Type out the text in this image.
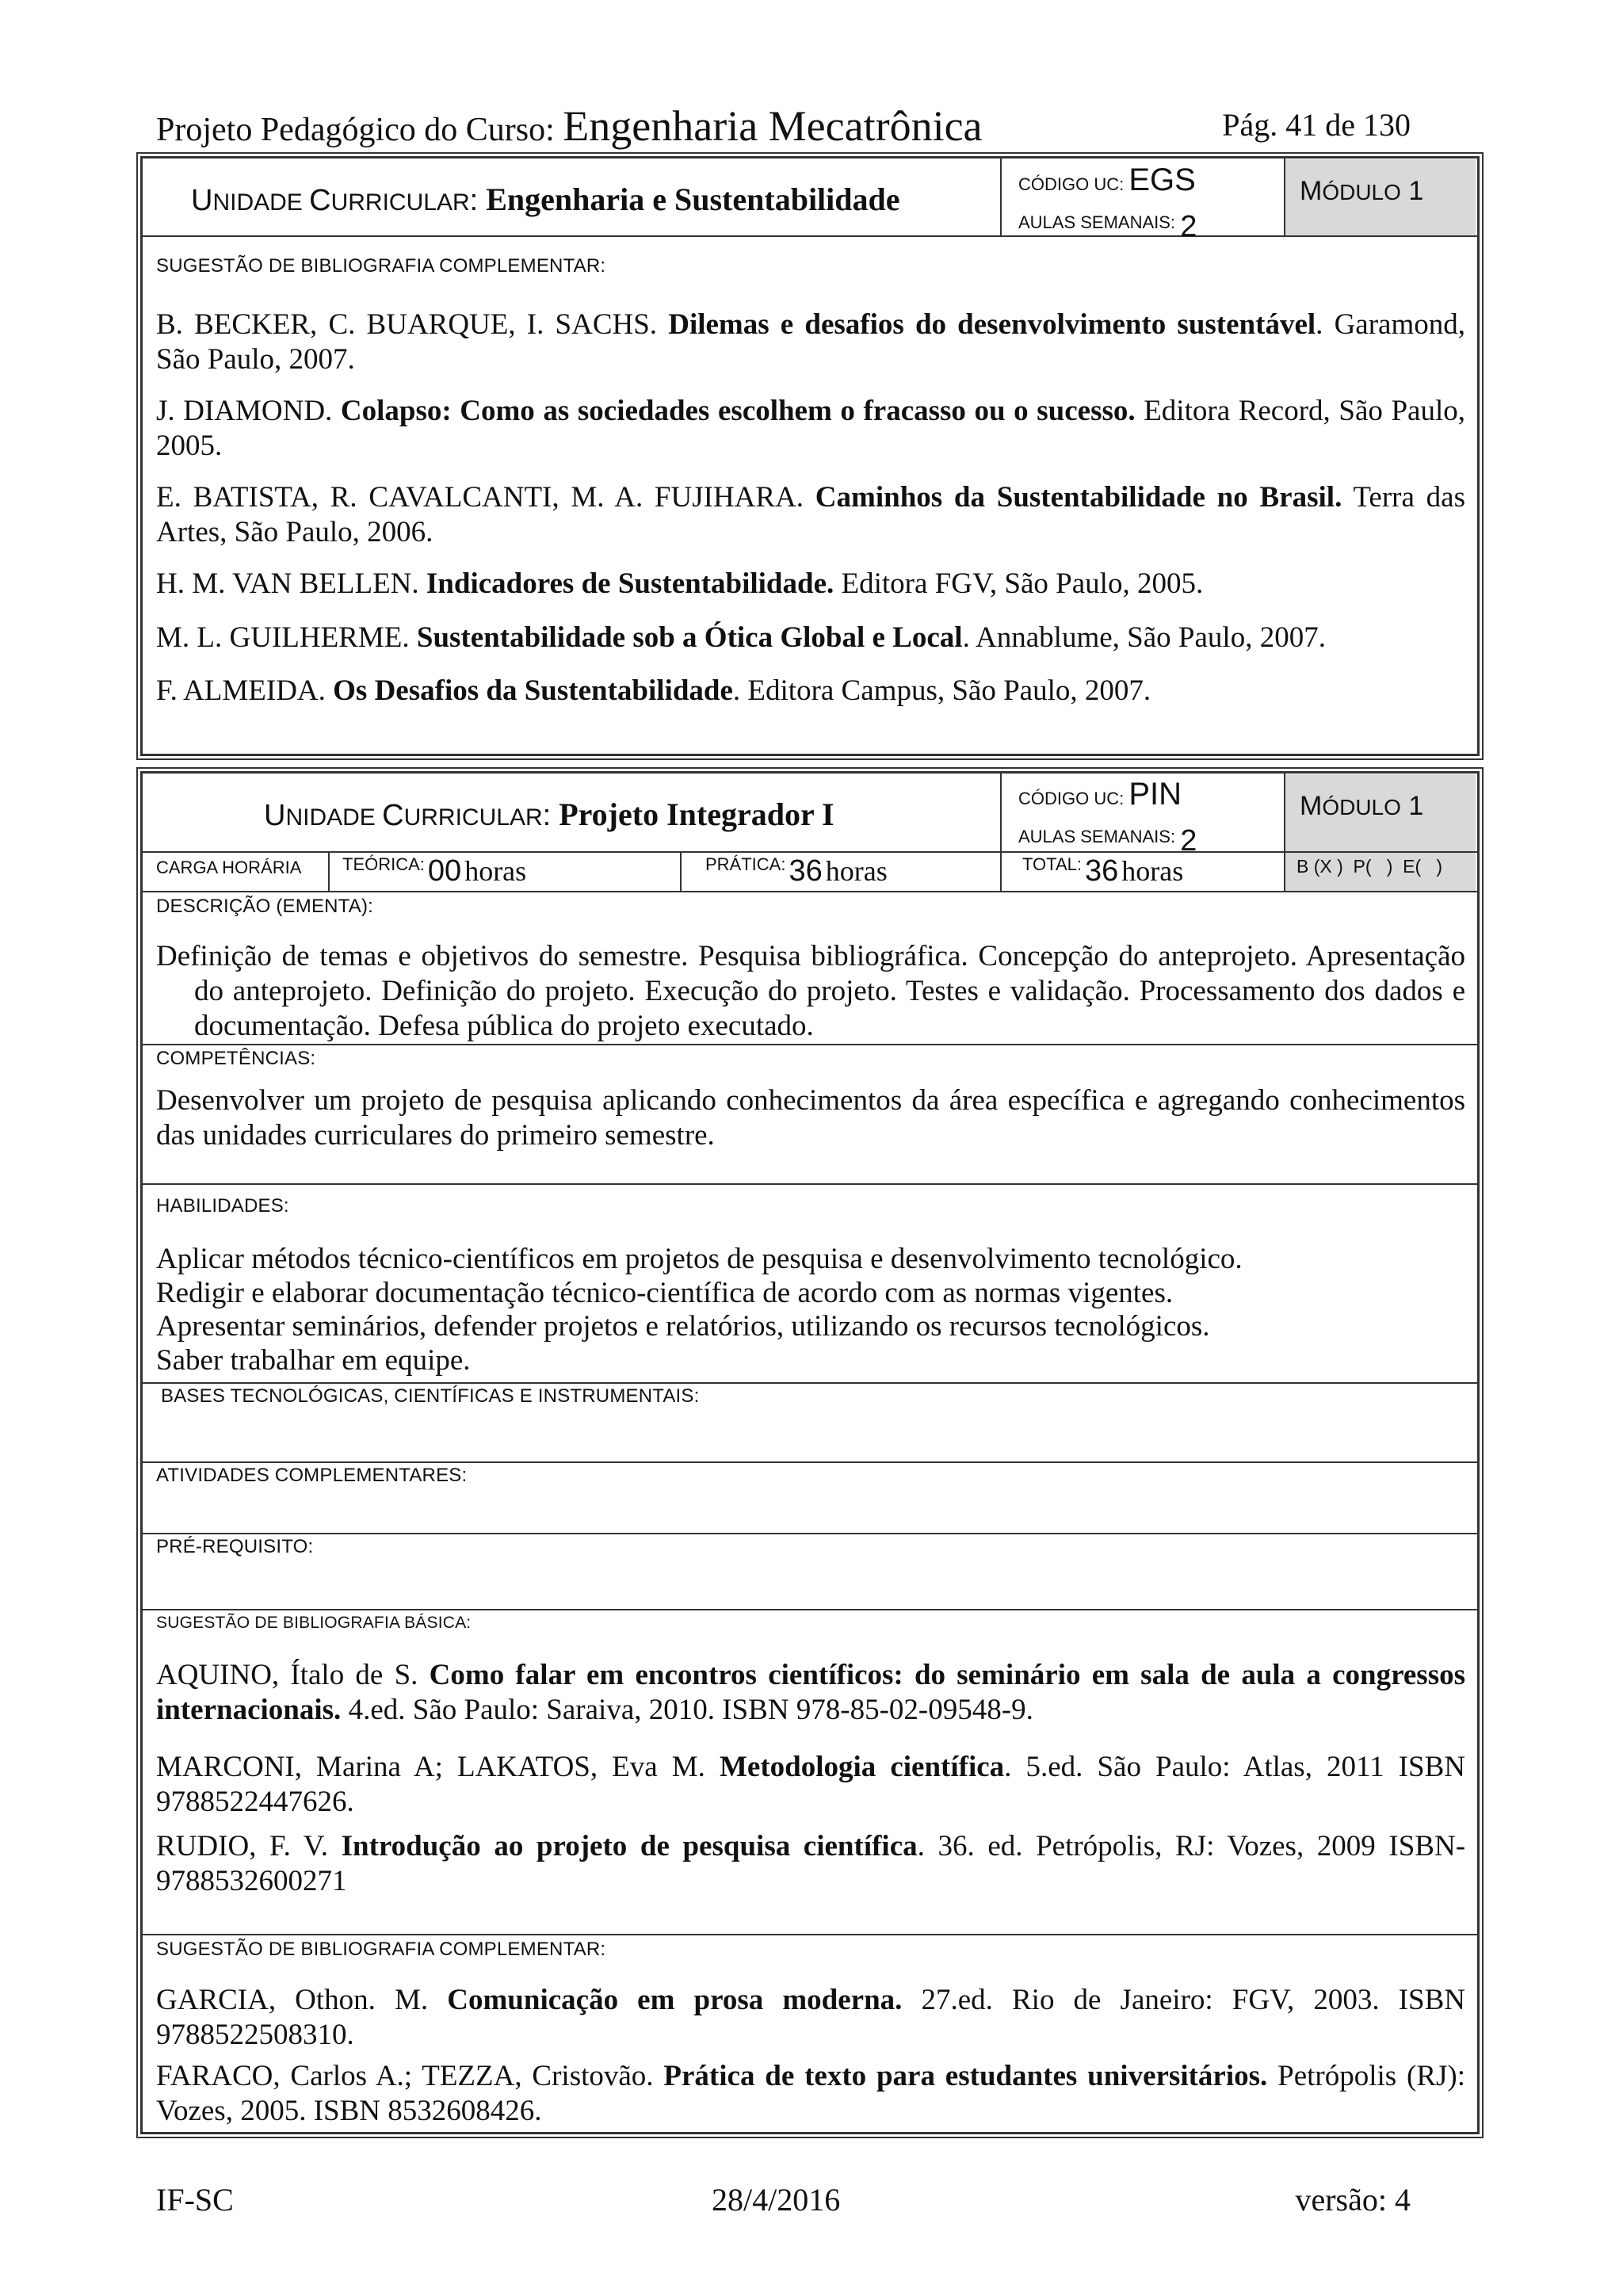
Projeto Pedagógico do Curso: Engenharia Mecatrônica	Pág. 41 de 130
UNIDADE CURRICULAR: Engenharia e Sustentabilidade	CÓDIGO UC: EGS
AULAS SEMANAIS: 2
MÓDULO 1
SUGESTÃO DE BIBLIOGRAFIA COMPLEMENTAR:
B. BECKER, C. BUARQUE, I. SACHS. Dilemas e desafios do desenvolvimento sustentável. Garamond, São Paulo, 2007.
J. DIAMOND. Colapso: Como as sociedades escolhem o fracasso ou o sucesso. Editora Record, São Paulo, 2005.
E. BATISTA, R. CAVALCANTI, M. A. FUJIHARA. Caminhos da Sustentabilidade no Brasil. Terra das Artes, São Paulo, 2006.
H. M. VAN BELLEN. Indicadores de Sustentabilidade. Editora FGV, São Paulo, 2005.
M. L. GUILHERME. Sustentabilidade sob a Ótica Global e Local. Annablume, São Paulo, 2007.
F. ALMEIDA. Os Desafios da Sustentabilidade. Editora Campus, São Paulo, 2007.
UNIDADE CURRICULAR: Projeto Integrador I	CÓDIGO UC: PIN
AULAS SEMANAIS: 2
MÓDULO 1
CARGA HORÁRIA TEÓRICA: 00 horas	PRÁTICA: 36 horas	TOTAL: 36 horas	B (X )  P(   )  E(   )
DESCRIÇÃO (EMENTA):
Definição de temas e objetivos do semestre. Pesquisa bibliográfica. Concepção do anteprojeto. Apresentação do anteprojeto. Definição do projeto. Execução do projeto. Testes e validação. Processamento dos dados e documentação. Defesa pública do projeto executado.
COMPETÊNCIAS:
Desenvolver um projeto de pesquisa aplicando conhecimentos da área específica e agregando conhecimentos das unidades curriculares do primeiro semestre.
HABILIDADES:
Aplicar métodos técnico-científicos em projetos de pesquisa e desenvolvimento tecnológico.
Redigir e elaborar documentação técnico-científica de acordo com as normas vigentes.
Apresentar seminários, defender projetos e relatórios, utilizando os recursos tecnológicos.
Saber trabalhar em equipe.
BASES TECNOLÓGICAS, CIENTÍFICAS E INSTRUMENTAIS:
ATIVIDADES COMPLEMENTARES:
PRÉ-REQUISITO:
SUGESTÃO DE BIBLIOGRAFIA BÁSICA:
AQUINO, Ítalo de S. Como falar em encontros científicos: do seminário em sala de aula a congressos internacionais. 4.ed. São Paulo: Saraiva, 2010. ISBN 978-85-02-09548-9.
MARCONI, Marina A; LAKATOS, Eva M. Metodologia científica. 5.ed. São Paulo: Atlas, 2011 ISBN 9788522447626.
RUDIO, F. V. Introdução ao projeto de pesquisa científica. 36. ed. Petrópolis, RJ: Vozes, 2009 ISBN-9788532600271
SUGESTÃO DE BIBLIOGRAFIA COMPLEMENTAR:
GARCIA, Othon. M. Comunicação em prosa moderna. 27.ed. Rio de Janeiro: FGV, 2003. ISBN 9788522508310.
FARACO, Carlos A.; TEZZA, Cristovão. Prática de texto para estudantes universitários. Petrópolis (RJ): Vozes, 2005. ISBN 8532608426.
IF-SC	28/4/2016	versão: 4
